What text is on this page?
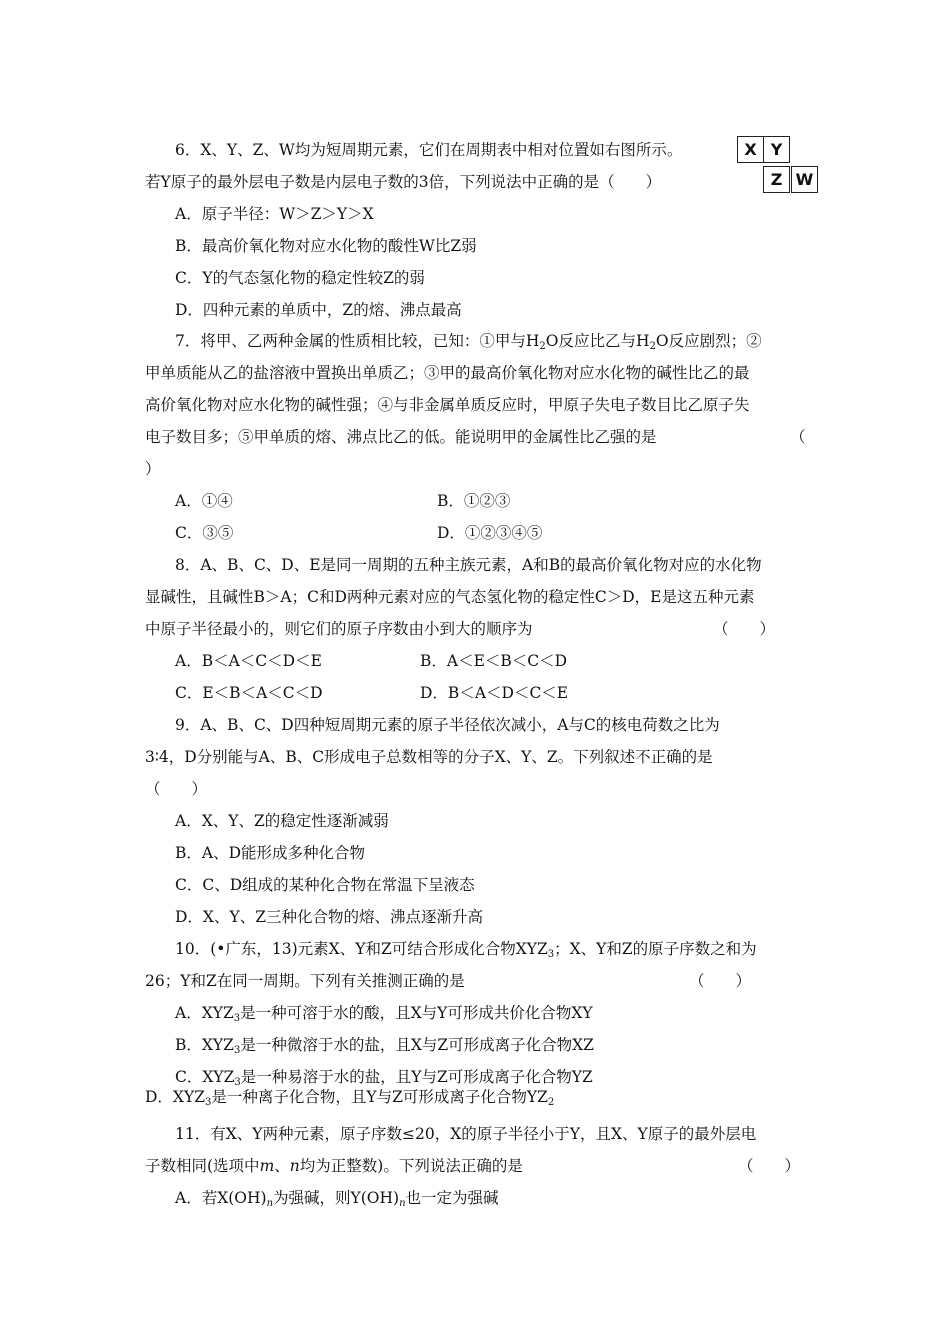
X Y
Z W
6．X、Y、Z、W均为短周期元素，它们在周期表中相对位置如右图所示。
若Y原子的最外层电子数是内层电子数的3倍，下列说法中正确的是（　　）
A．原子半径：W＞Z＞Y＞X
B．最高价氧化物对应水化物的酸性W比Z弱
C．Y的气态氢化物的稳定性较Z的弱
D．四种元素的单质中，Z的熔、沸点最高
7．将甲、乙两种金属的性质相比较，已知：①甲与$H_2O$反应比乙与$H_2O$反应剧烈；②
甲单质能从乙的盐溶液中置换出单质乙；③甲的最高价氧化物对应水化物的碱性比乙的最
高价氧化物对应水化物的碱性强；④与非金属单质反应时，甲原子失电子数目比乙原子失
电子数目多；⑤甲单质的熔、沸点比乙的低。能说明甲的金属性比乙强的是	（
）
A．①④	B．①②③
C．③⑤	D．①②③④⑤
8．A、B、C、D、E是同一周期的五种主族元素，A和B的最高价氧化物对应的水化物
显碱性，且碱性B＞A；C和D两种元素对应的气态氢化物的稳定性C＞D，E是这五种元素
中原子半径最小的，则它们的原子序数由小到大的顺序为	（　　）
A．B＜A＜C＜D＜E	B．A＜E＜B＜C＜D
C．E＜B＜A＜C＜D	D．B＜A＜D＜C＜E
9．A、B、C、D四种短周期元素的原子半径依次减小，A与C的核电荷数之比为
3∶4，D分别能与A、B、C形成电子总数相等的分子X、Y、Z。下列叙述不正确的是
（　　）
A．X、Y、Z的稳定性逐渐减弱
B．A、D能形成多种化合物
C．C、D组成的某种化合物在常温下呈液态
D．X、Y、Z三种化合物的熔、沸点逐渐升高
10．(•广东，13)元素X、Y和Z可结合形成化合物$XYZ_3$；X、Y和Z的原子序数之和为
26；Y和Z在同一周期。下列有关推测正确的是	（　　）
A．$XYZ_3$是一种可溶于水的酸，且X与Y可形成共价化合物XY
B．$XYZ_3$是一种微溶于水的盐，且X与Z可形成离子化合物XZ
C．$XYZ_3$是一种易溶于水的盐，且Y与Z可形成离子化合物YZ
D．$XYZ_3$是一种离子化合物，且Y与Z可形成离子化合物$YZ_2$
11．有X、Y两种元素，原子序数≤20，X的原子半径小于Y，且X、Y原子的最外层电
子数相同(选项中m、n均为正整数)。下列说法正确的是	（　　）
A．若$X(OH)_n$为强碱，则$Y(OH)_n$也一定为强碱
